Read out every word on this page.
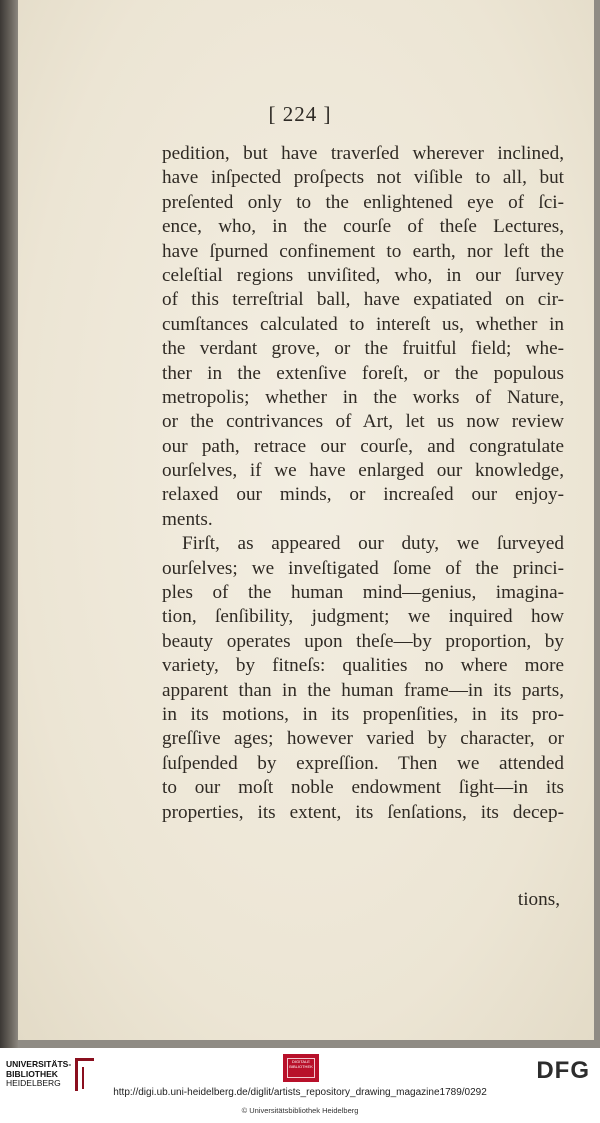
[ 224 ]
pedition, but have traverſed wherever inclined,
have inſpected proſpects not viſible to all, but
preſented only to the enlightened eye of ſci-
ence, who, in the courſe of theſe Lectures,
have ſpurned confinement to earth, nor left the
celeſtial regions unviſited, who, in our ſurvey
of this terreſtrial ball, have expatiated on cir-
cumſtances calculated to intereſt us, whether in
the verdant grove, or the fruitful field; whe-
ther in the extenſive foreſt, or the populous
metropolis; whether in the works of Nature,
or the contrivances of Art, let us now review
our path, retrace our courſe, and congratulate
ourſelves, if we have enlarged our knowledge,
relaxed our minds, or increaſed our enjoy-
ments.
Firſt, as appeared our duty, we ſurveyed
ourſelves; we inveſtigated ſome of the princi-
ples of the human mind—genius, imagina-
tion, ſenſibility, judgment; we inquired how
beauty operates upon theſe—by proportion, by
variety, by fitneſs: qualities no where more
apparent than in the human frame—in its parts,
in its motions, in its propenſities, in its pro-
greſſive ages; however varied by character, or
ſuſpended by expreſſion. Then we attended
to our moſt noble endowment ſight—in its
properties, its extent, its ſenſations, its decep-
tions,
UNIVERSITÄTS-
BIBLIOTHEK
HEIDELBERG
DIGITALE BIBLIOTHEK	DFG
http://digi.ub.uni-heidelberg.de/diglit/artists_repository_drawing_magazine1789/0292
© Universitätsbibliothek Heidelberg
